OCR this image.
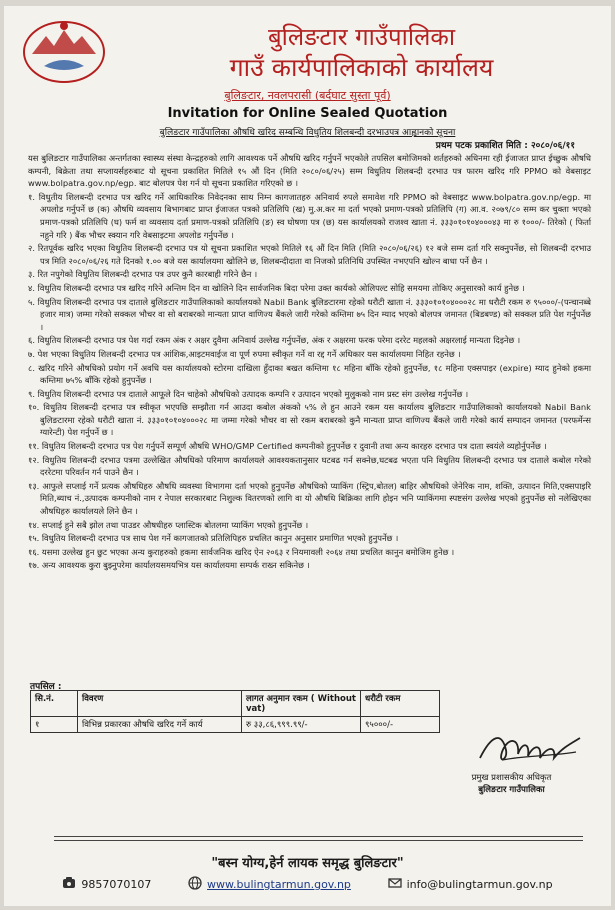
बुलिङटार गाउँपालिका
गाउँ कार्यपालिकाको कार्यालय
बुलिङटार, नवलपरासी (बर्दघाट सुस्ता पूर्व)
Invitation for Online Sealed Quotation
बुलिङटार गाउँपालिका औषधि खरिद सम्बन्धि विधुतिय शिलबन्दी दरभाउपत्र आह्वानको सूचना
प्रथम पटक प्रकाशित मिति : २०८०/०६/११

यस बुलिङटार गाउँपालिका अन्तर्गतका स्वास्थ्य संस्था केन्द्रहरुको लागि आवश्यक पर्ने औषधि खरिद गर्नुपर्ने भएकोले तपसिल बमोजिमको शर्तहरुको अधिनमा रही ईजाजत प्राप्त ईच्छुक औषधि कम्पनी, बिक्रेता तथा सप्लायर्सहरुबाट यो सूचना प्रकाशित मितिले १५ औं दिन (मिति २०८०/०६/२५) सम्म विधुतिय शिलबन्दी दरभाउ पत्र फारम खरिद गरि PPMO को वेबसाइट www.bolpatra.gov.np/egp. बाट बोलपत्र पेश गर्न यो सूचना प्रकाशित गरिएको छ ।

१. विधुतीय शिलबन्दी दरभाउ पत्र खरिद गर्ने आधिकारिक निवेदनका साथ निम्न कागजातहरु अनिवार्य रुपले समावेश गरि PPMO को वेबसाइट www.bolpatra.gov.np/egp. मा अपलोड गर्नुपर्ने छ (क) औषधि व्यवसाय बिभागबाट प्राप्त ईजाजत पत्रको प्रतिलिपि (ख) मु.अ.कर मा दर्ता भएको प्रमाण-पत्रको प्रतिलिपि (ग) आ.व. २०७९/८० सम्म कर चुक्ता भएको प्रमाण-पत्रको प्रतिलिपि (घ) फर्म वा व्यवसाय दर्ता प्रमाण-पत्रको प्रतिलिपि (ङ) स्व घोषणा पत्र (छ) यस कार्यालयको राजश्व खाता नं. ३३३०१०१०४०००४३ मा रु १०००/- तिरेको ( फिर्ता नहुने गरि ) बैंक भौचर स्क्यान गरि वेबसाइटमा अपलोड गर्नुपर्नेछ ।

२. रितपूर्वक खरिद भएका विधुतिय शिलबन्दी दरभाउ पत्र यो सूचना प्रकाशित भएको मितिले १६ औं दिन मिति (मिति २०८०/०६/२६) १२ बजे सम्म दर्ता गरि सक्नुपर्नेछ, सो शिलबन्दी दरभाउ पत्र मिति २०८०/०६/२६ गते दिनको १.०० बजे यस कार्यालयमा खोलिने छ, शिलबन्दीदाता वा निजको प्रतिनिधि उपस्थित नभएपनि खोल्न बाधा पर्ने छैन ।

३. रित नपुगेको विधुतिय शिलबन्दी दरभाउ पत्र उपर कुनै कारबाही गरिने छैन ।

४. विधुतिय शिलबन्दी दरभाउ पत्र खरिद गरिने अन्तिम दिन वा खोलिने दिन सार्वजनिक बिदा परेमा उक्त कार्यको ओलिपल्ट सोहि समयमा तोकिए अनुसारको कार्य हुनेछ ।

५. विधुतिय शिलबन्दी दरभाउ पत्र दाताले बुलिङटार गाउँपालिकाको कार्यालयको Nabil Bank बुलिङटारमा रहेको धरौटी खाता नं. ३३३०१०१०४०००२८ मा धरौटी रकम रु ९५०००/-(पन्चानब्बे हजार मात्र) जम्मा गरेको सक्कल भौचर वा सो बराबरको मान्यता प्राप्त वाणिज्य बैंकले जारी गरेको कम्तिमा ७५ दिन म्याद भएको बोलपत्र जमानत (बिडबण्ड) को सक्कल प्रति पेश गर्नुपर्नेछ ।

६. विधुतिय शिलबन्दी दरभाउ पत्र पेश गर्दा रकम अंक र अक्षर दुवैमा अनिवार्य उल्लेख गर्नुपर्नेछ, अंक र अक्षरमा फरक परेमा दररेट महलको अक्षरलाई मान्यता दिइनेछ ।

७. पेश भएका विधुतिय शिलबन्दी दरभाउ पत्र आंशिक,आइटमवाईज वा पूर्ण रुपमा स्वीकृत गर्ने वा रद्द गर्ने अधिकार यस कार्यालयमा निहित रहनेछ ।

८. खरिद गरिने औषधिको प्रयोग गर्ने अवधि यस कार्यालयको स्टोरमा दाखिला हुँदाका बखत कम्तिमा १८ महिना बाँकि रहेको हुनुपर्नेछ, १८ महिना एक्सपाइर (expire) म्याद हुनेको हकमा कम्तिमा ७५% बाँकि रहेको हुनुपर्नेछ ।

९. विधुतिय शिलबन्दी दरभाउ पत्र दाताले आफूले दिन चाहेको औषधिको उत्पादक कम्पनि र उत्पादन भएको मुलुकको नाम प्रस्ट संग उल्लेख गर्नुपर्नेछ ।

१०. विधुतिय शिलबन्दी दरभाउ पत्र स्वीकृत भएपछि सम्झौता गर्न आउदा कबोल अंकको ५% ले हुन आउने रकम यस कार्यालय बुलिङटार गाउँपालिकाको कार्यालयको Nabil Bank बुलिङटारमा रहेको धरौटी खाता नं. ३३३०१०१०४०००२८ मा जम्मा गरेको भौचर वा सो रकम बराबरको कुनै मान्यता प्राप्त वाणिज्य बैंकले जारी गरेको कार्य सम्पादन जमानत (परफर्मेन्स ग्यारेन्टी) पेश गर्नुपर्ने छ ।

११. विधुतिय शिलबन्दी दरभाउ पत्र पेश गर्नुपर्ने सम्पूर्ण औषधि WHO/GMP Certified कम्पनीको हुनुपर्नेछ र दुवानी तथा अन्य कारहरु दरभाउ पत्र दाता स्वयंले व्यहोर्नुपर्नेछ ।

१२. विधुतिय शिलबन्दी दरभाउ पत्रमा उल्लेखित औषधिको परिमाण कार्यालयले आवश्यकतानुसार घटबढ गर्न सक्नेछ,घटबढ भएता पनि विधुतिय शिलबन्दी दरभाउ पत्र दाताले कबोल गरेको दररेटमा परिवर्तन गर्न पाउने छैन ।

१३. आफुले सप्लाई गर्ने प्रत्यक औषधिहरु औषधि व्यवस्था विभागमा दर्ता भएको हुनुपर्नेछ औषधिको प्याकिंग (स्ट्रिप,बोतल) बाहिर औषधिको जेनेरिक नाम, शक्ति, उत्पादन मिति,एक्सपाइरि मिति,ब्याच नं.,उत्पादक कम्पनीको नाम र नेपाल सरकारबाट निशुल्क वितरणको लागि वा यो औषधि बिक्रिका लागि होइन भनि प्याकिंगमा स्पष्टसंग उल्लेख भएको हुनुपर्नेछ सो नलेखिएका औषधिहरु कार्यालयले लिने छैन ।

१४. सप्लाई हुने सबै झोल तथा पाउडर औषधीहरु प्लास्टिक बोतलमा प्याकिंग भएको हुनुपर्नेछ ।

१५. विधुतिय शिलबन्दी दरभाउ पत्र साथ पेश गर्ने कागजातको प्रतिलिपिहरु प्रचलित कानुन अनुसार प्रमाणित भएको हुनुपर्नेछ ।

१६. यसमा उल्लेख हुन छुट भएका अन्य कुराहरुको हकमा सार्वजनिक खरिद ऐन २०६३ र नियमावली २०६४ तथा प्रचलित कानुन बमोजिम हुनेछ ।

१७. अन्य आवश्यक कुरा बुझ्नुपरेमा कार्यालयसमयभित्र यस कार्यालयमा सम्पर्क राख्न सकिनेछ ।

तपसिल :
सि.नं.	विवरण	लागत अनुमान रकम ( Without vat)	धरौटी रकम
१	विभिन्न प्रकारका औषधि खरिद गर्ने कार्य	रु ३३,८६,९९९.९९/-	९५०००/-
प्रमुख प्रशासकीय अधिकृत
बुलिङटार गाउँपालिका
"बस्न योग्य,हेर्न लायक समृद्ध बुलिङटार"
9857070107	www.bulingtarmun.gov.np	info@bulingtarmun.gov.np
